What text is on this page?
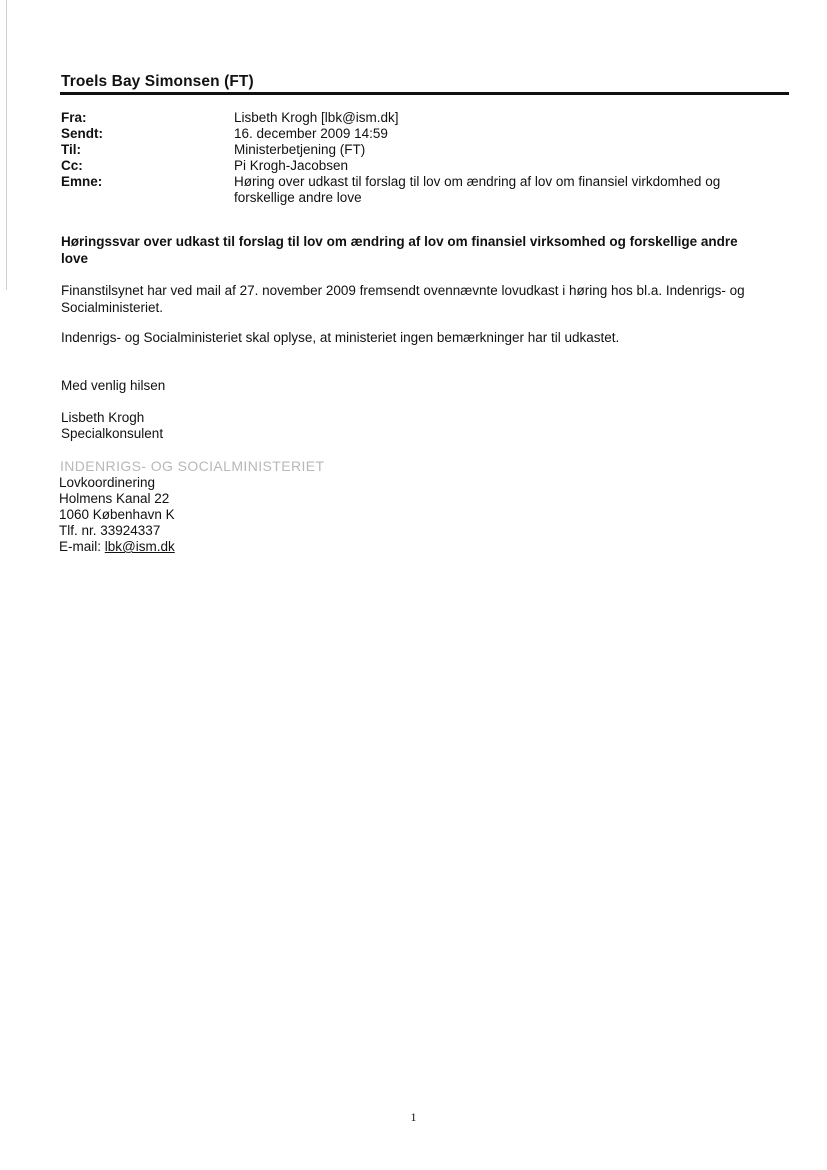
Troels Bay Simonsen (FT)
Fra:	Lisbeth Krogh [lbk@ism.dk]
Sendt:	16. december 2009 14:59
Til:	Ministerbetjening (FT)
Cc:	Pi Krogh-Jacobsen
Emne:	Høring over udkast til forslag til lov om ændring af lov om finansiel virkdomhed og
forskellige andre love
Høringssvar over udkast til forslag til lov om ændring af lov om finansiel virksomhed og forskellige andre
love
Finanstilsynet har ved mail af 27. november 2009 fremsendt ovennævnte lovudkast i høring hos bl.a. Indenrigs- og
Socialministeriet.
Indenrigs- og Socialministeriet skal oplyse, at ministeriet ingen bemærkninger har til udkastet.
Med venlig hilsen
Lisbeth Krogh
Specialkonsulent
INDENRIGS- OG SOCIALMINISTERIET
Lovkoordinering
Holmens Kanal 22
1060 København K
Tlf. nr. 33924337
E-mail: lbk@ism.dk
1
